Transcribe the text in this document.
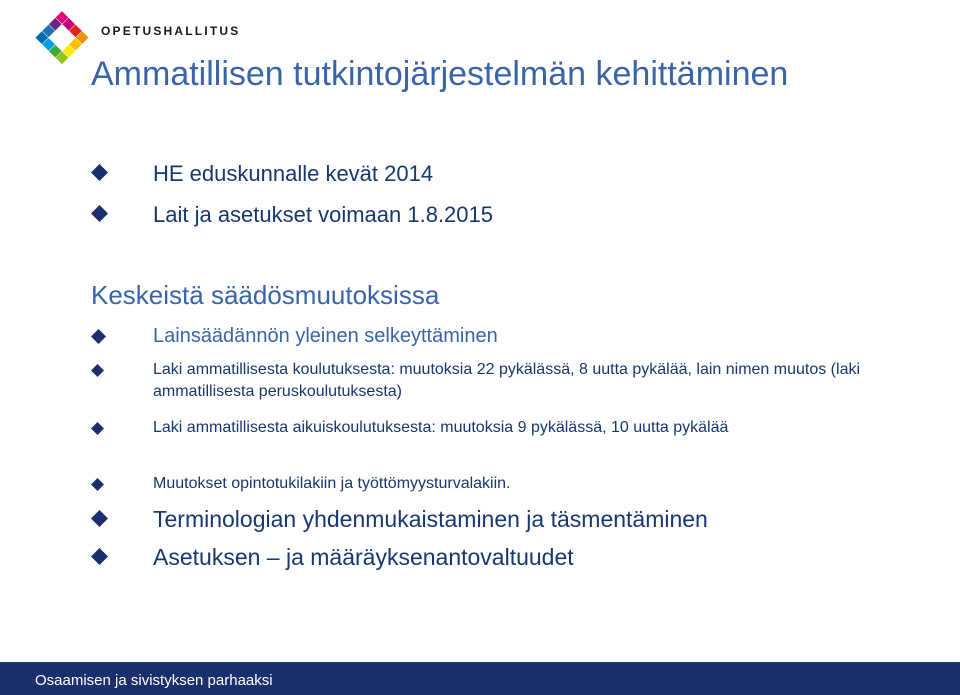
OPETUSHALLITUS
Ammatillisen tutkintojärjestelmän kehittäminen
HE eduskunnalle kevät 2014
Lait ja asetukset voimaan 1.8.2015
Keskeistä säädösmuutoksissa
Lainsäädännön yleinen selkeyttäminen
Laki ammatillisesta koulutuksesta: muutoksia 22 pykälässä, 8 uutta pykälää, lain nimen muutos (laki ammatillisesta peruskoulutuksesta)
Laki ammatillisesta aikuiskoulutuksesta: muutoksia 9 pykälässä, 10 uutta pykälää
Muutokset opintotukilakiin ja työttömyysturvalakiin.
Terminologian yhdenmukaistaminen ja täsmentäminen
Asetuksen – ja määräyksenantovaltuudet
Osaamisen ja sivistyksen parhaaksi
